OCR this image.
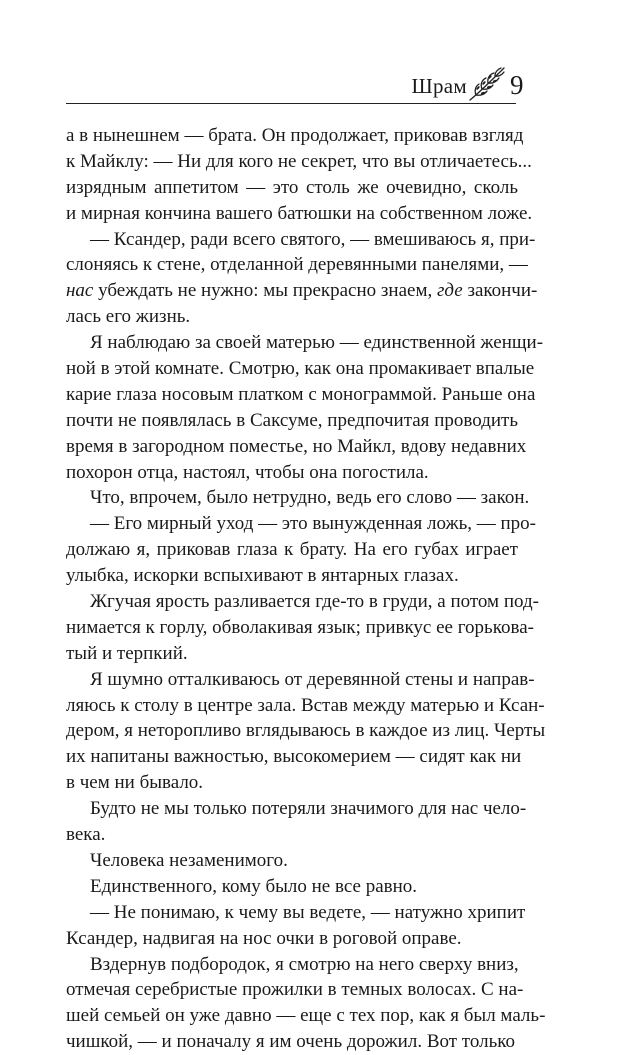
Шрам 9

а в нынешнем — брата. Он продолжает, приковав взгляд
к Майклу: — Ни для кого не секрет, что вы отличаетесь...
изрядным аппетитом — это столь же очевидно, сколь
и мирная кончина вашего батюшки на собственном ложе.

— Ксандер, ради всего святого, — вмешиваюсь я, при-
слоняясь к стене, отделанной деревянными панелями, —
нас убеждать не нужно: мы прекрасно знаем, где закончи-
лась его жизнь.

Я наблюдаю за своей матерью — единственной женщи-
ной в этой комнате. Смотрю, как она промакивает впалые
карие глаза носовым платком с монограммой. Раньше она
почти не появлялась в Саксуме, предпочитая проводить
время в загородном поместье, но Майкл, вдову недавних
похорон отца, настоял, чтобы она погостила.

Что, впрочем, было нетрудно, ведь его слово — закон.

— Его мирный уход — это вынужденная ложь, — про-
должаю я, приковав глаза к брату. На его губах играет
улыбка, искорки вспыхивают в янтарных глазах.

Жгучая ярость разливается где-то в груди, а потом под-
нимается к горлу, обволакивая язык; привкус ее горькова-
тый и терпкий.

Я шумно отталкиваюсь от деревянной стены и направ-
ляюсь к столу в центре зала. Встав между матерью и Ксан-
дером, я неторопливо вглядываюсь в каждое из лиц. Черты
их напитаны важностью, высокомерием — сидят как ни
в чем ни бывало.

Будто не мы только потеряли значимого для нас чело-
века.

Человека незаменимого.

Единственного, кому было не все равно.

— Не понимаю, к чему вы ведете, — натужно хрипит
Ксандер, надвигая на нос очки в роговой оправе.

Вздернув подбородок, я смотрю на него сверху вниз,
отмечая серебристые прожилки в темных волосах. С на-
шей семьей он уже давно — еще с тех пор, как я был маль-
чишкой, — и поначалу я им очень дорожил. Вот только
